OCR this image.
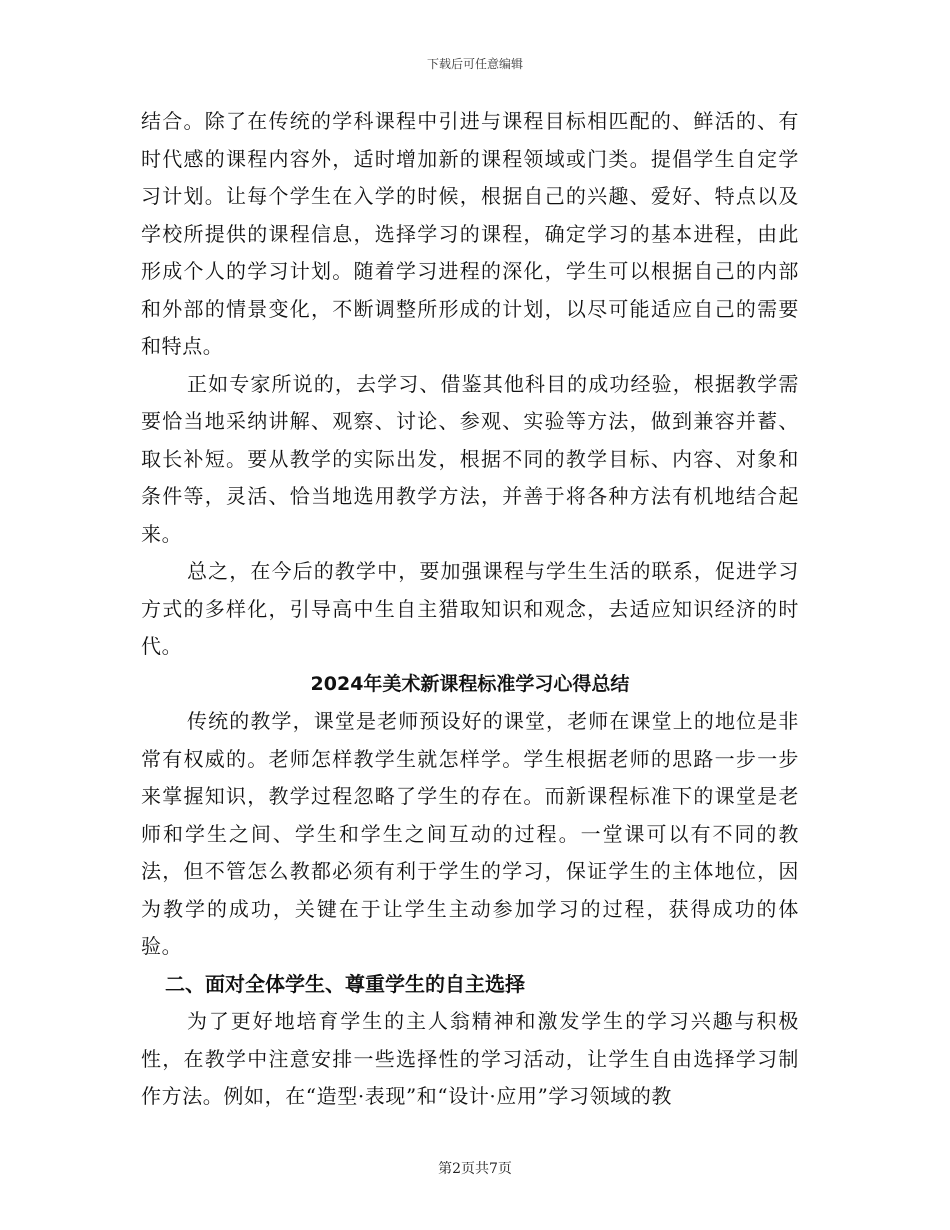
下载后可任意编辑

结合。除了在传统的学科课程中引进与课程目标相匹配的、鲜活的、有时代感的课程内容外，适时增加新的课程领域或门类。提倡学生自定学习计划。让每个学生在入学的时候，根据自己的兴趣、爱好、特点以及学校所提供的课程信息，选择学习的课程，确定学习的基本进程，由此形成个人的学习计划。随着学习进程的深化，学生可以根据自己的内部和外部的情景变化，不断调整所形成的计划，以尽可能适应自己的需要和特点。

正如专家所说的，去学习、借鉴其他科目的成功经验，根据教学需要恰当地采纳讲解、观察、讨论、参观、实验等方法，做到兼容并蓄、取长补短。要从教学的实际出发，根据不同的教学目标、内容、对象和条件等，灵活、恰当地选用教学方法，并善于将各种方法有机地结合起来。

总之，在今后的教学中，要加强课程与学生生活的联系，促进学习方式的多样化，引导高中生自主猎取知识和观念，去适应知识经济的时代。

2024年美术新课程标准学习心得总结

传统的教学，课堂是老师预设好的课堂，老师在课堂上的地位是非常有权威的。老师怎样教学生就怎样学。学生根据老师的思路一步一步来掌握知识，教学过程忽略了学生的存在。而新课程标准下的课堂是老师和学生之间、学生和学生之间互动的过程。一堂课可以有不同的教法，但不管怎么教都必须有利于学生的学习，保证学生的主体地位，因为教学的成功，关键在于让学生主动参加学习的过程，获得成功的体验。

二、面对全体学生、尊重学生的自主选择

为了更好地培育学生的主人翁精神和激发学生的学习兴趣与积极性，在教学中注意安排一些选择性的学习活动，让学生自由选择学习制作方法。例如，在“造型·表现”和“设计·应用”学习领域的教

第2页共7页
